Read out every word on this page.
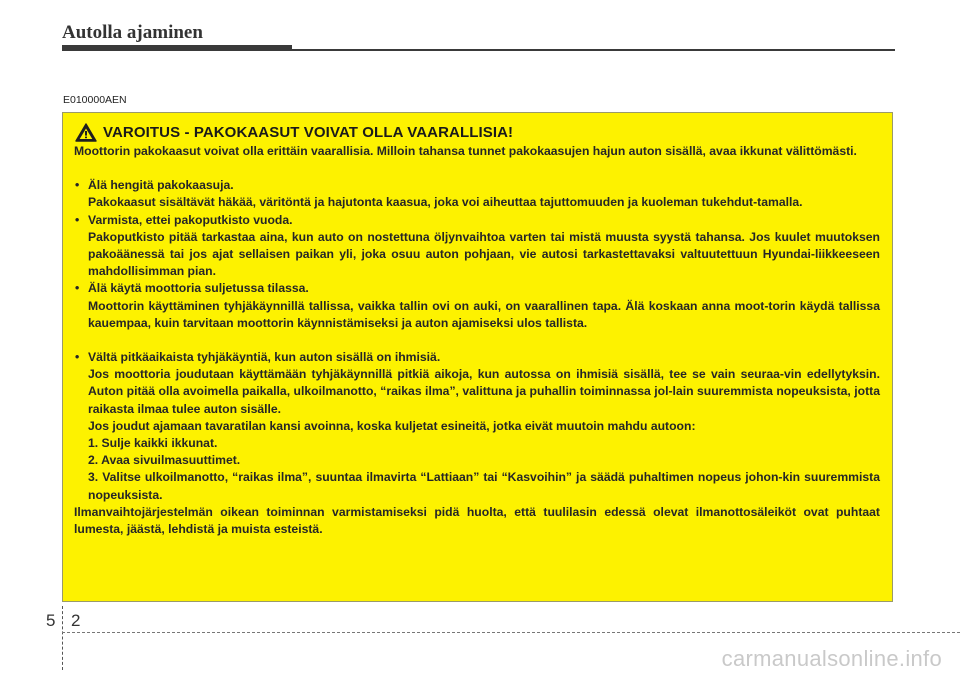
Autolla ajaminen
E010000AEN
VAROITUS - PAKOKAASUT VOIVAT OLLA VAARALLISIA!
Moottorin pakokaasut voivat olla erittäin vaarallisia. Milloin tahansa tunnet pakokaasujen hajun auton sisällä, avaa ikkunat välittömästi.
• Älä hengitä pakokaasuja.
Pakokaasut sisältävät häkää, väritöntä ja hajutonta kaasua, joka voi aiheuttaa tajuttomuuden ja kuoleman tukehdut-tamalla.
• Varmista, ettei pakoputkisto vuoda.
Pakoputkisto pitää tarkastaa aina, kun auto on nostettuna öljynvaihtoa varten tai mistä muusta syystä tahansa. Jos kuulet muutoksen pakoäänessä tai jos ajat sellaisen paikan yli, joka osuu auton pohjaan, vie autosi tarkastettavaksi valtuutettuun Hyundai-liikkeeseen mahdollisimman pian.
• Älä käytä moottoria suljetussa tilassa.
Moottorin käyttäminen tyhjäkäynnillä tallissa, vaikka tallin ovi on auki, on vaarallinen tapa. Älä koskaan anna moot-torin käydä tallissa kauempaa, kuin tarvitaan moottorin käynnistämiseksi ja auton ajamiseksi ulos tallista.
• Vältä pitkäaikaista tyhjäkäyntiä, kun auton sisällä on ihmisiä.
Jos moottoria joudutaan käyttämään tyhjäkäynnillä pitkiä aikoja, kun autossa on ihmisiä sisällä, tee se vain seuraa-vin edellytyksin. Auton pitää olla avoimella paikalla, ulkoilmanotto, “raikas ilma”, valittuna ja puhallin toiminnassa jol-lain suuremmista nopeuksista, jotta raikasta ilmaa tulee auton sisälle.
Jos joudut ajamaan tavaratilan kansi avoinna, koska kuljetat esineitä, jotka eivät muutoin mahdu autoon:
1. Sulje kaikki ikkunat.
2. Avaa sivuilmasuuttimet.
3. Valitse ulkoilmanotto, “raikas ilma”, suuntaa ilmavirta “Lattiaan” tai “Kasvoihin” ja säädä puhaltimen nopeus johon-kin suuremmista nopeuksista.
Ilmanvaihtojärjestelmän oikean toiminnan varmistamiseksi pidä huolta, että tuulilasin edessä olevat ilmanottosäleiköt ovat puhtaat lumesta, jäästä, lehdistä ja muista esteistä.
5 2
carmanualsonline.info
